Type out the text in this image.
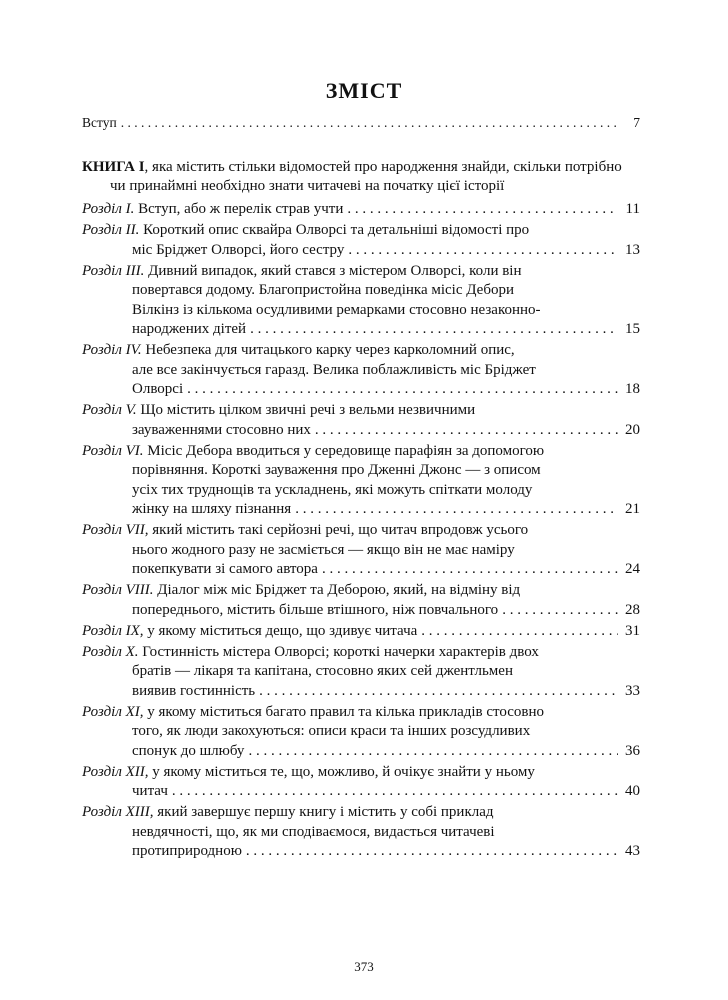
ЗМІСТ
Вступ . . .	7
КНИГА I, яка містить стільки відомостей про народження знайди, скільки потрібно чи принаймні необхідно знати читачеві на початку цієї історії
Розділ I. Вступ, або ж перелік страв учти . . .	11
Розділ II. Короткий опис сквайра Олворсі та детальніші відомості про
міс Бріджет Олворсі, його сестру . . .	13
Розділ III. Дивний випадок, який стався з містером Олворсі, коли він
повертався додому. Благопристойна поведінка місіс Дебори
Вілкінз із кількома осудливими ремарками стосовно незаконно-
народжених дітей . . .	15
Розділ IV. Небезпека для читацького карку через карколомний опис,
але все закінчується гаразд. Велика поблажливість міс Бріджет
Олворсі . . .	18
Розділ V. Що містить цілком звичні речі з вельми незвичними
зауваженнями стосовно них . . .	20
Розділ VI. Місіс Дебора вводиться у середовище парафіян за допомогою
порівняння. Короткі зауваження про Дженні Джонс — з описом
усіх тих труднощів та ускладнень, які можуть спіткати молоду
жінку на шляху пізнання . . .	21
Розділ VII, який містить такі серйозні речі, що читач впродовж усього
нього жодного разу не засміється — якщо він не має наміру
покепкувати зі самого автора . . .	24
Розділ VIII. Діалог між міс Бріджет та Деборою, який, на відміну від
попереднього, містить більше втішного, ніж повчального . . .	28
Розділ IX, у якому міститься дещо, що здивує читача . . .	31
Розділ X. Гостинність містера Олворсі; короткі начерки характерів двох
братів — лікаря та капітана, стосовно яких сей джентльмен
виявив гостинність . . .	33
Розділ XI, у якому міститься багато правил та кілька прикладів стосовно
того, як люди закохуються: описи краси та інших розсудливих
спонук до шлюбу . . .	36
Розділ XII, у якому міститься те, що, можливо, й очікує знайти у ньому
читач . . .	40
Розділ XIII, який завершує першу книгу і містить у собі приклад
невдячності, що, як ми сподіваємося, видасться читачеві
протиприродною . . .	43
373
